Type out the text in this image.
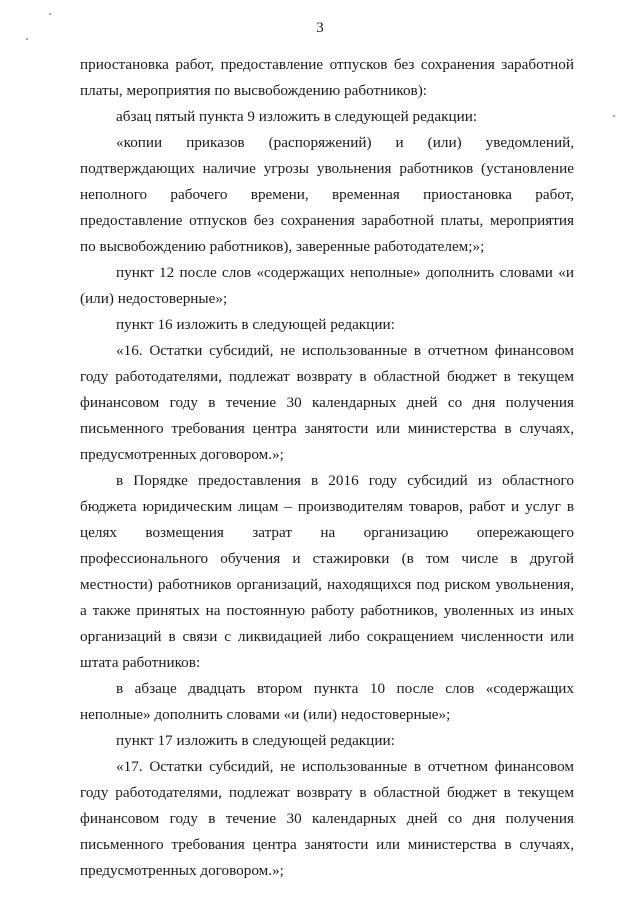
3

приостановка работ, предоставление отпусков без сохранения заработной платы, мероприятия по высвобождению работников):

абзац пятый пункта 9 изложить в следующей редакции:

«копии приказов (распоряжений) и (или) уведомлений, подтверждающих наличие угрозы увольнения работников (установление неполного рабочего времени, временная приостановка работ, предоставление отпусков без сохранения заработной платы, мероприятия по высвобождению работников), заверенные работодателем;»;

пункт 12 после слов «содержащих неполные» дополнить словами «и (или) недостоверные»;

пункт 16 изложить в следующей редакции:

«16. Остатки субсидий, не использованные в отчетном финансовом году работодателями, подлежат возврату в областной бюджет в текущем финансовом году в течение 30 календарных дней со дня получения письменного требования центра занятости или министерства в случаях, предусмотренных договором.»;

в Порядке предоставления в 2016 году субсидий из областного бюджета юридическим лицам – производителям товаров, работ и услуг в целях возмещения затрат на организацию опережающего профессионального обучения и стажировки (в том числе в другой местности) работников организаций, находящихся под риском увольнения, а также принятых на постоянную работу работников, уволенных из иных организаций в связи с ликвидацией либо сокращением численности или штата работников:

в абзаце двадцать втором пункта 10 после слов «содержащих неполные» дополнить словами «и (или) недостоверные»;

пункт 17 изложить в следующей редакции:

«17. Остатки субсидий, не использованные в отчетном финансовом году работодателями, подлежат возврату в областной бюджет в текущем финансовом году в течение 30 календарных дней со дня получения письменного требования центра занятости или министерства в случаях, предусмотренных договором.»;
